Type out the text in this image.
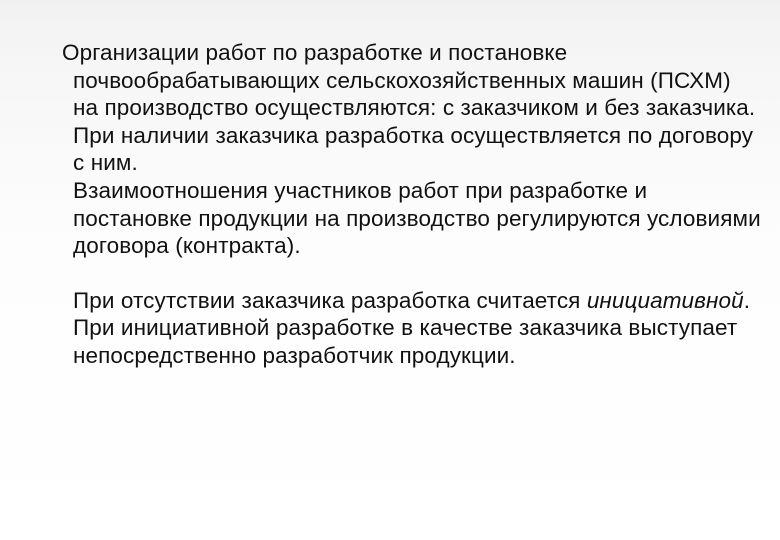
Организации работ по разработке и постановке почвообрабатывающих сельскохозяйственных машин (ПСХМ) на производство осуществляются: с заказчиком и без заказчика.

При наличии заказчика разработка осуществляется по договору с ним.

Взаимоотношения участников работ при разработке и постановке продукции на производство регулируются условиями договора (контракта).

При отсутствии заказчика разработка считается инициативной.

При инициативной разработке в качестве заказчика выступает непосредственно разработчик продукции.
